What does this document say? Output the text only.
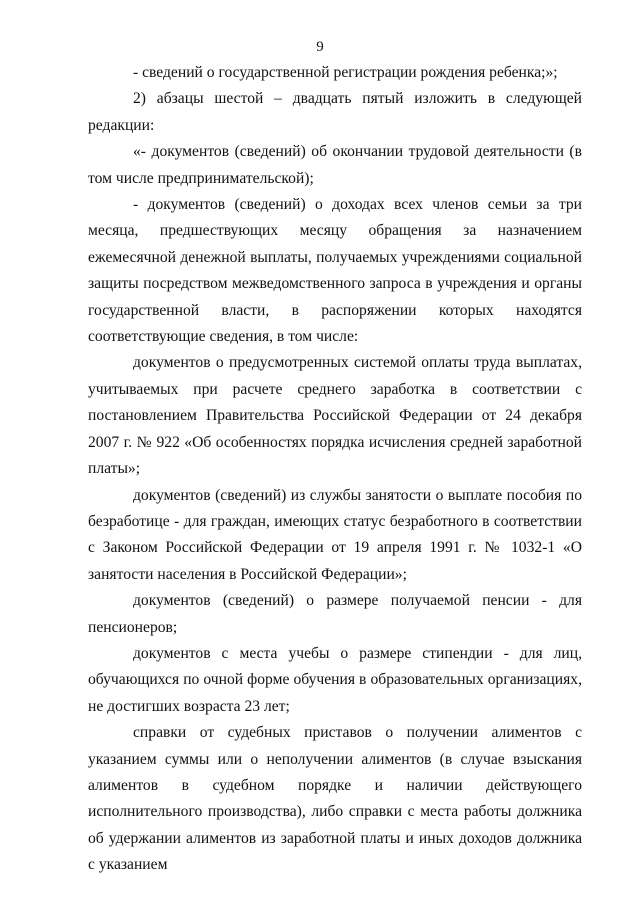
9

- сведений о государственной регистрации рождения ребенка;»;

2) абзацы шестой – двадцать пятый изложить в следующей редакции:

«- документов (сведений) об окончании трудовой деятельности (в том числе предпринимательской);

- документов (сведений) о доходах всех членов семьи за три месяца, предшествующих месяцу обращения за назначением ежемесячной денежной выплаты, получаемых учреждениями социальной защиты посредством межведомственного запроса в учреждения и органы государственной власти, в распоряжении которых находятся соответствующие сведения, в том числе:

документов о предусмотренных системой оплаты труда выплатах, учитываемых при расчете среднего заработка в соответствии с постановлением Правительства Российской Федерации от 24 декабря 2007 г. № 922 «Об особенностях порядка исчисления средней заработной платы»;

документов (сведений) из службы занятости о выплате пособия по безработице - для граждан, имеющих статус безработного в соответствии с Законом Российской Федерации от 19 апреля 1991 г. № 1032-1 «О занятости населения в Российской Федерации»;

документов (сведений) о размере получаемой пенсии - для пенсионеров;

документов с места учебы о размере стипендии - для лиц, обучающихся по очной форме обучения в образовательных организациях, не достигших возраста 23 лет;

справки от судебных приставов о получении алиментов с указанием суммы или о неполучении алиментов (в случае взыскания алиментов в судебном порядке и наличии действующего исполнительного производства), либо справки с места работы должника об удержании алиментов из заработной платы и иных доходов должника с указанием
